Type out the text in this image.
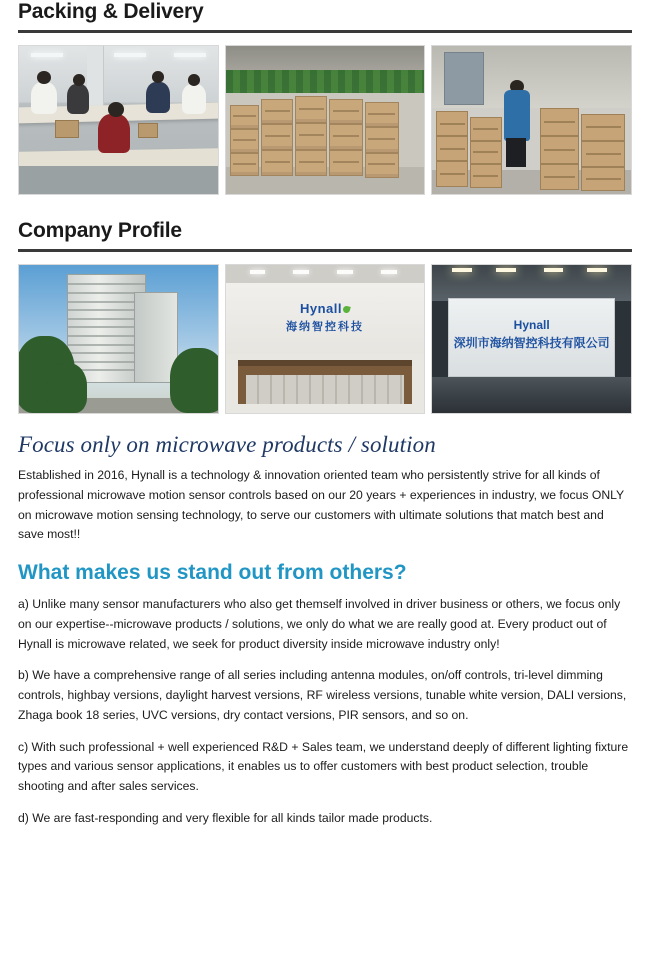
Packing & Delivery
Company Profile
Hynall
海纳智控科技	Hynall
深圳市海纳智控科技有限公司
Focus only on microwave products / solution
Established in 2016, Hynall is a technology & innovation oriented team who persistently strive for all kinds of professional microwave motion sensor controls based on our 20 years + experiences in industry, we focus ONLY on microwave motion sensing technology, to serve our customers with ultimate solutions that match best and save most!!
What makes us stand out from others?
a) Unlike many sensor manufacturers who also get themself involved in driver business or others, we focus only on our expertise--microwave products / solutions, we only do what we are really good at. Every product out of Hynall is microwave related, we seek for product diversity inside microwave industry only!
b) We have a comprehensive range of all series including antenna modules, on/off controls, tri-level dimming controls, highbay versions, daylight harvest versions, RF wireless versions, tunable white version, DALI versions, Zhaga book 18 series, UVC versions, dry contact versions, PIR sensors, and so on.
c) With such professional + well experienced R&D + Sales team, we understand deeply of different lighting fixture types and various sensor applications, it enables us to offer customers with best product selection, trouble shooting and after sales services.
d) We are fast-responding and very flexible for all kinds tailor made products.
